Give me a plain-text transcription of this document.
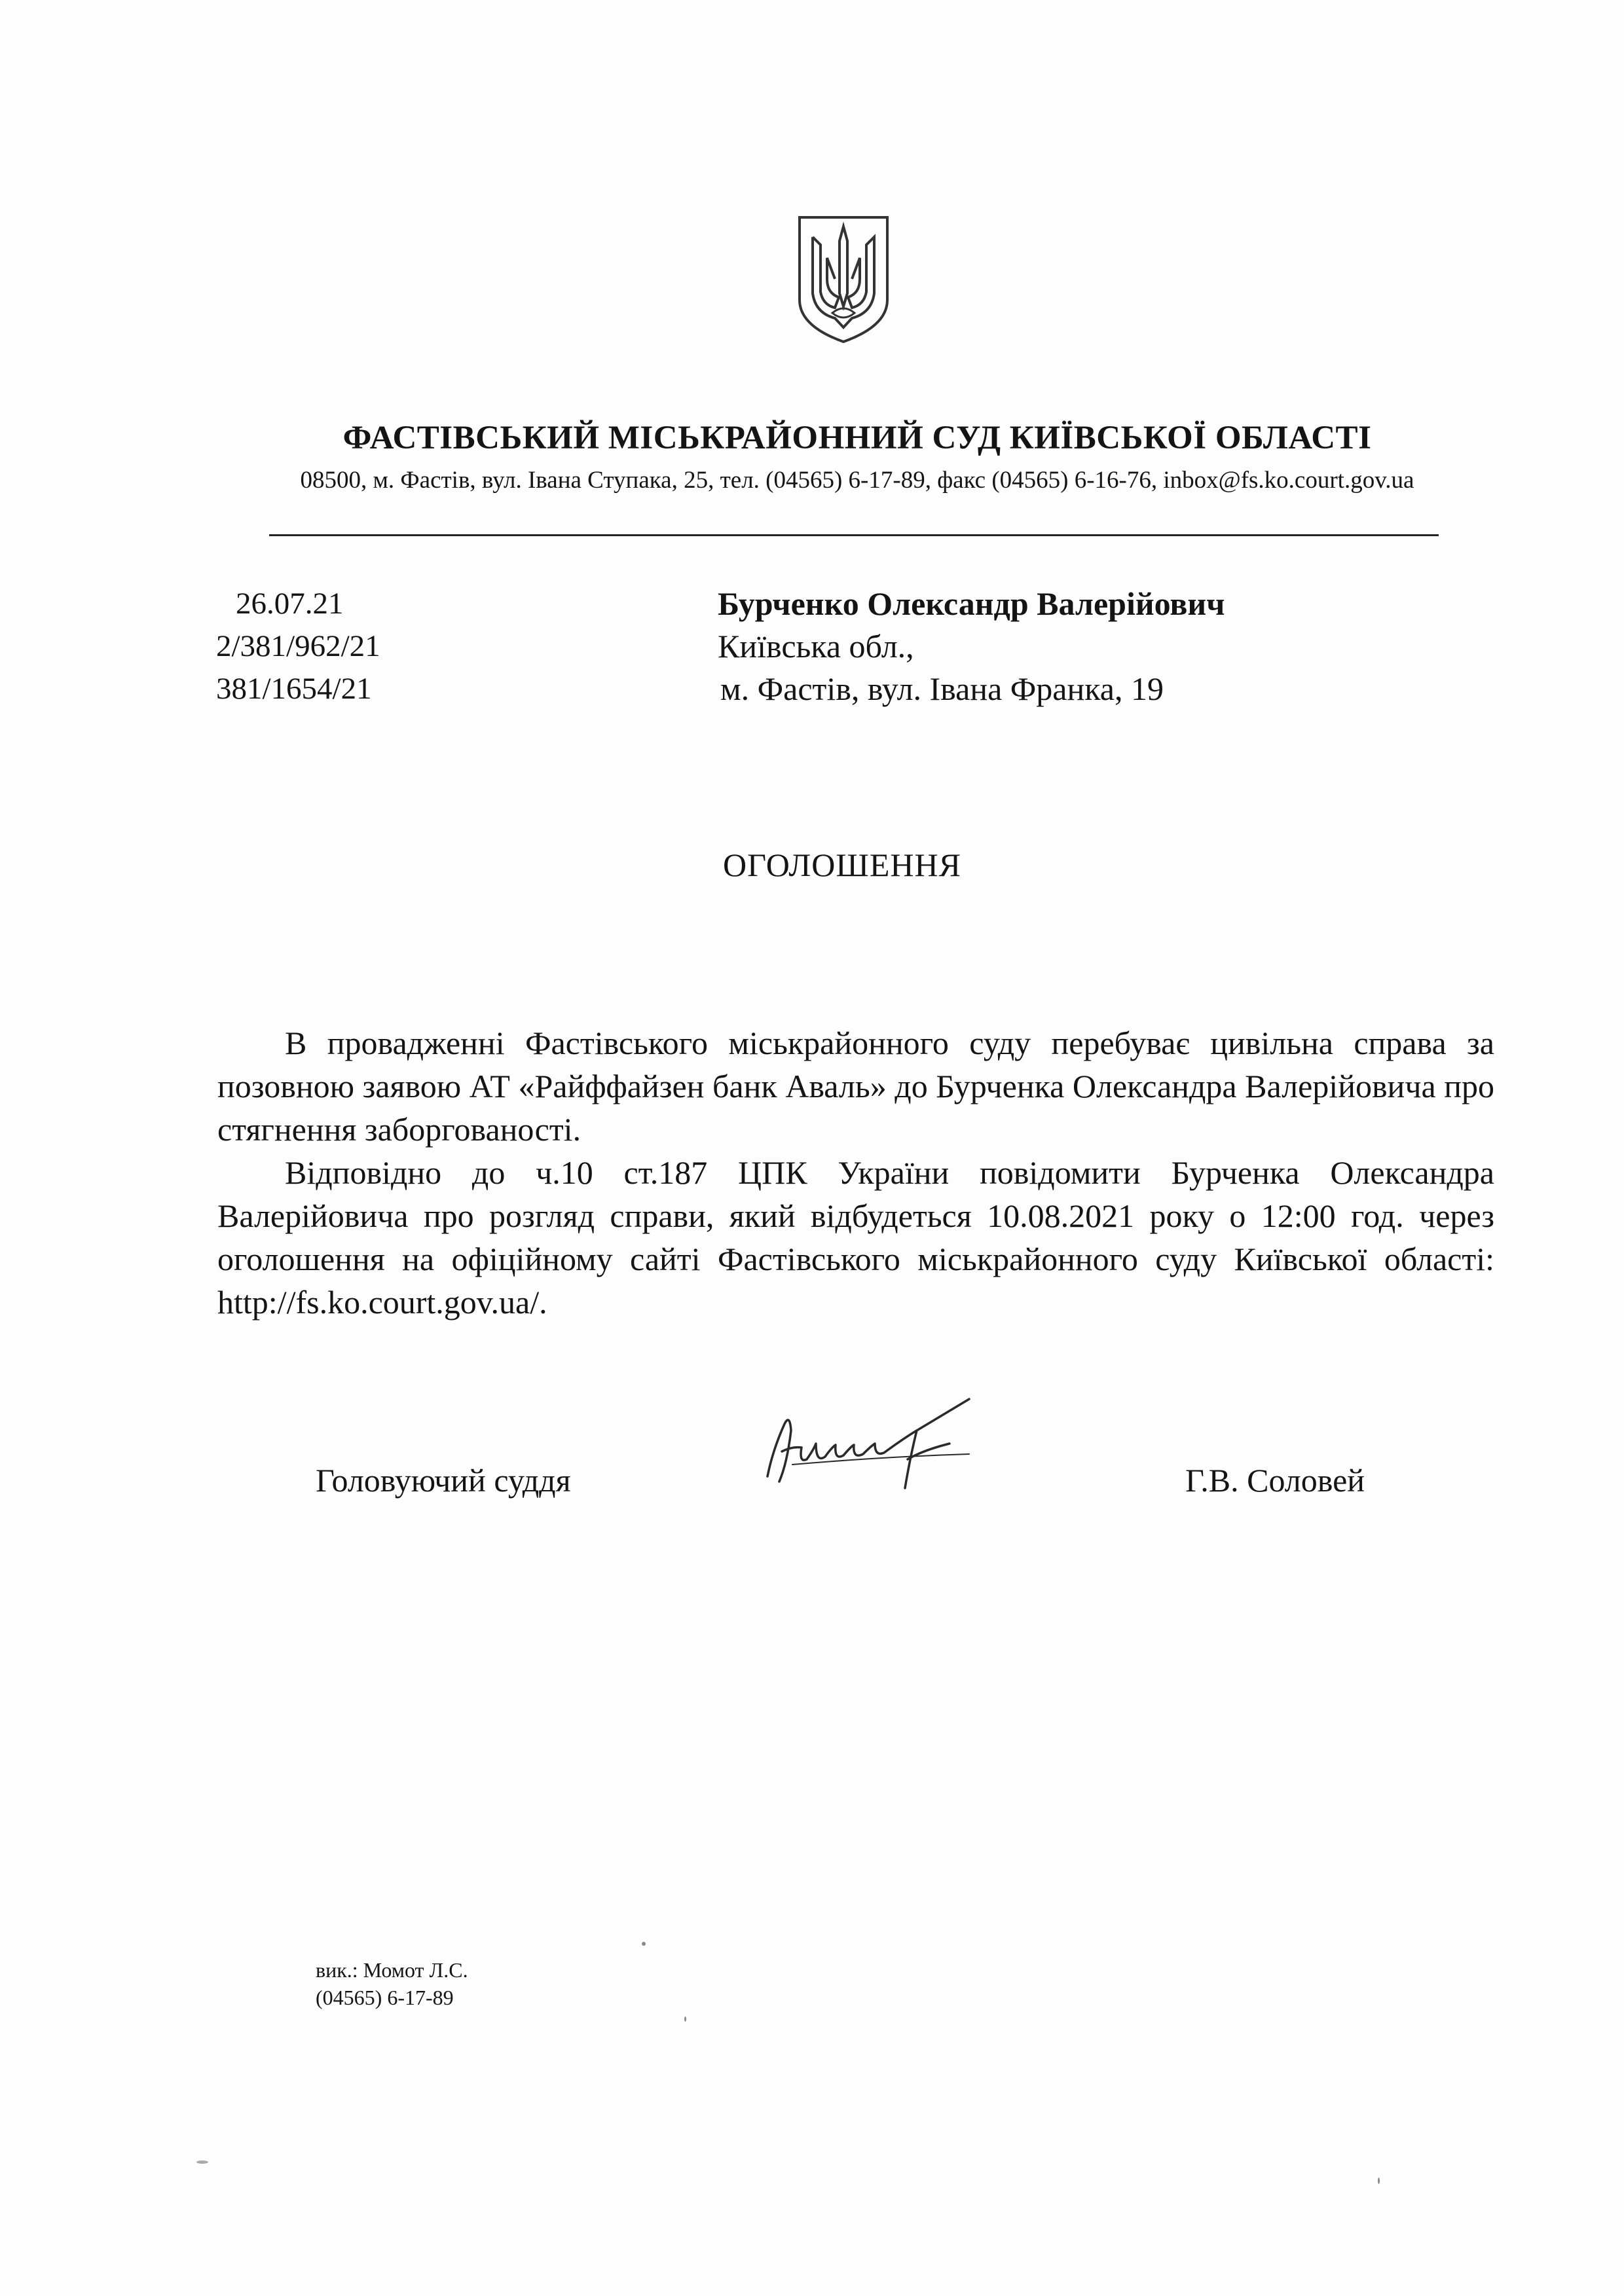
ФАСТІВСЬКИЙ МІСЬКРАЙОННИЙ СУД КИЇВСЬКОЇ ОБЛАСТІ
08500, м. Фастів, вул. Івана Ступака, 25, тел. (04565) 6-17-89, факс (04565) 6-16-76, inbox@fs.ko.court.gov.ua
26.07.21
2/381/962/21
381/1654/21
Бурченко Олександр Валерійович
Київська обл.,
м. Фастів, вул. Івана Франка, 19
ОГОЛОШЕННЯ

В провадженні Фастівського міськрайонного суду перебуває цивільна справа за позовною заявою АТ «Райффайзен банк Аваль» до Бурченка Олександра Валерійовича про стягнення заборгованості.

Відповідно до ч.10 ст.187 ЦПК України повідомити Бурченка Олександра Валерійовича про розгляд справи, який відбудеться 10.08.2021 року о 12:00 год. через оголошення на офіційному сайті Фастівського міськрайонного суду Київської області: http://fs.ko.court.gov.ua/.

Головуючий суддя	Г.В. Соловей
вик.: Момот Л.С.
(04565) 6-17-89
